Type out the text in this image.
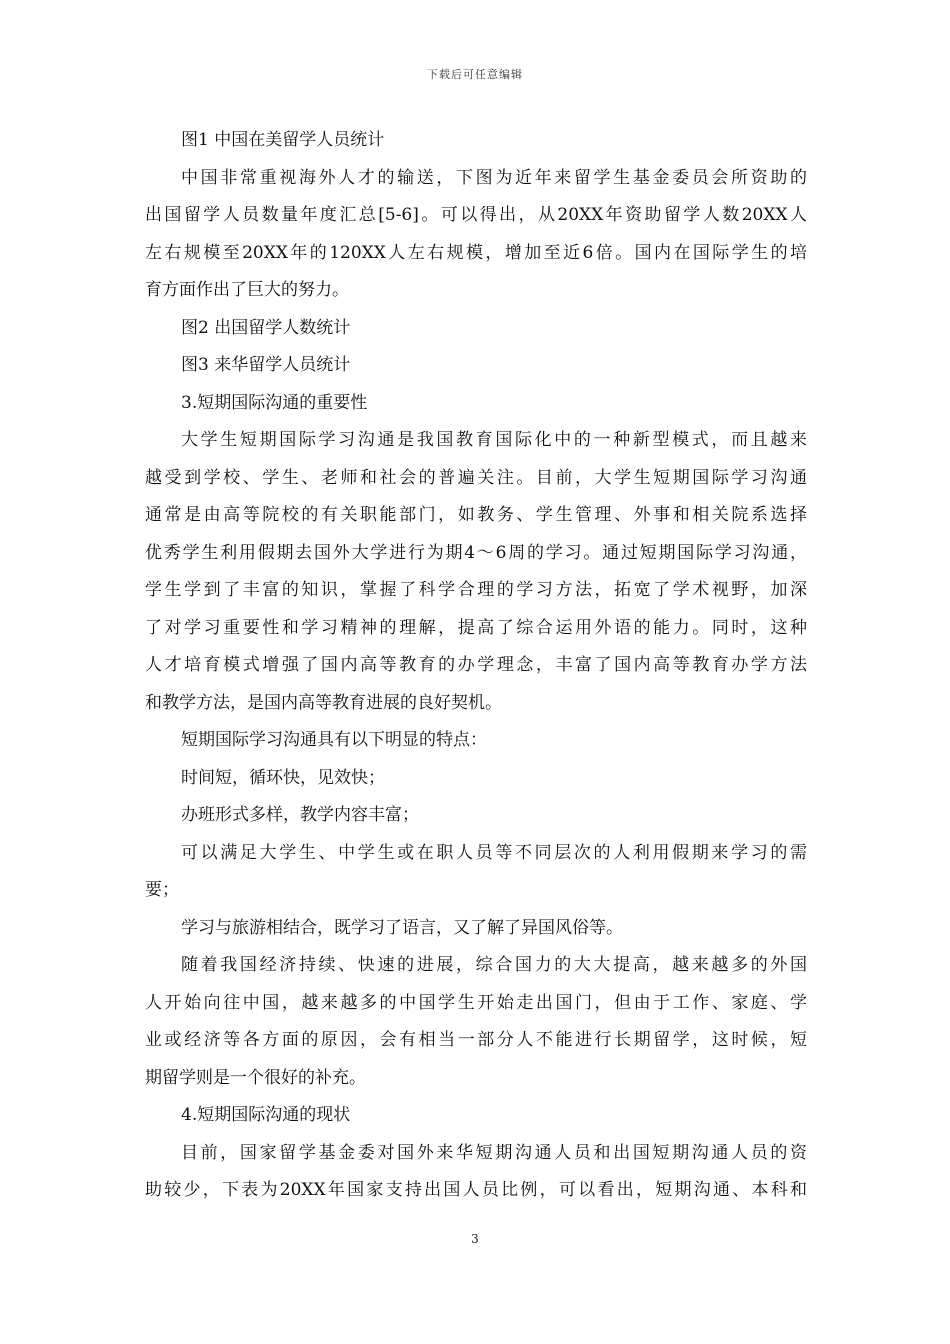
下载后可任意编辑
图1 中国在美留学人员统计
中国非常重视海外人才的输送，下图为近年来留学生基金委员会所资助的
出国留学人员数量年度汇总[5-6]。可以得出，从20XX年资助留学人数20XX人
左右规模至20XX年的120XX人左右规模，增加至近6倍。国内在国际学生的培
育方面作出了巨大的努力。
图2 出国留学人数统计
图3 来华留学人员统计
3.短期国际沟通的重要性
大学生短期国际学习沟通是我国教育国际化中的一种新型模式，而且越来
越受到学校、学生、老师和社会的普遍关注。目前，大学生短期国际学习沟通
通常是由高等院校的有关职能部门，如教务、学生管理、外事和相关院系选择
优秀学生利用假期去国外大学进行为期4～6周的学习。通过短期国际学习沟通，
学生学到了丰富的知识，掌握了科学合理的学习方法，拓宽了学术视野，加深
了对学习重要性和学习精神的理解，提高了综合运用外语的能力。同时，这种
人才培育模式增强了国内高等教育的办学理念，丰富了国内高等教育办学方法
和教学方法，是国内高等教育进展的良好契机。
短期国际学习沟通具有以下明显的特点：
时间短，循环快，见效快；
办班形式多样，教学内容丰富；
可以满足大学生、中学生或在职人员等不同层次的人利用假期来学习的需
要；
学习与旅游相结合，既学习了语言，又了解了异国风俗等。
随着我国经济持续、快速的进展，综合国力的大大提高，越来越多的外国
人开始向往中国，越来越多的中国学生开始走出国门，但由于工作、家庭、学
业或经济等各方面的原因，会有相当一部分人不能进行长期留学，这时候，短
期留学则是一个很好的补充。
4.短期国际沟通的现状
目前，国家留学基金委对国外来华短期沟通人员和出国短期沟通人员的资
助较少，下表为20XX年国家支持出国人员比例，可以看出，短期沟通、本科和
3
